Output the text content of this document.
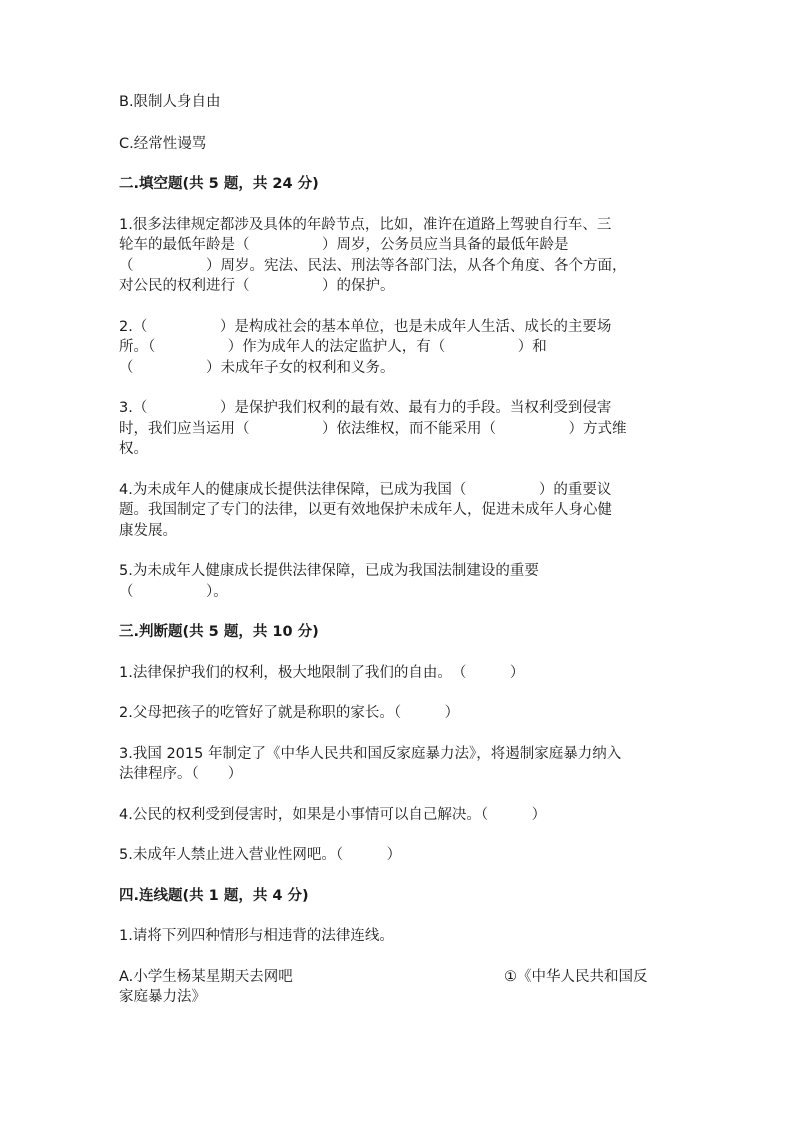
B.限制人身自由

C.经常性谩骂

二.填空题(共 5 题，共 24 分)

1.很多法律规定都涉及具体的年龄节点，比如，准许在道路上驾驶自行车、三
轮车的最低年龄是（　　　　　）周岁，公务员应当具备的最低年龄是
（　　　　　）周岁。宪法、民法、刑法等各部门法，从各个角度、各个方面，
对公民的权利进行（　　　　　）的保护。

2.（　　　　　）是构成社会的基本单位，也是未成年人生活、成长的主要场
所。（　　　　　）作为成年人的法定监护人，有（　　　　　）和
（　　　　　）未成年子女的权利和义务。

3.（　　　　　）是保护我们权利的最有效、最有力的手段。当权利受到侵害
时，我们应当运用（　　　　　）依法维权，而不能采用（　　　　　）方式维
权。

4.为未成年人的健康成长提供法律保障，已成为我国（　　　　　）的重要议
题。我国制定了专门的法律，以更有效地保护未成年人，促进未成年人身心健
康发展。

5.为未成年人健康成长提供法律保障，已成为我国法制建设的重要
（　　　　　）。

三.判断题(共 5 题，共 10 分)

1.法律保护我们的权利，极大地限制了我们的自由。　（　　　）

2.父母把孩子的吃管好了就是称职的家长。（　　　）

3.我国 2015 年制定了《中华人民共和国反家庭暴力法》，将遏制家庭暴力纳入
法律程序。（　　）

4.公民的权利受到侵害时，如果是小事情可以自己解决。（　　　）

5.未成年人禁止进入营业性网吧。（　　　）

四.连线题(共 1 题，共 4 分)

1.请将下列四种情形与相违背的法律连线。

A.小学生杨某星期天去网吧	①《中华人民共和国反
家庭暴力法》
